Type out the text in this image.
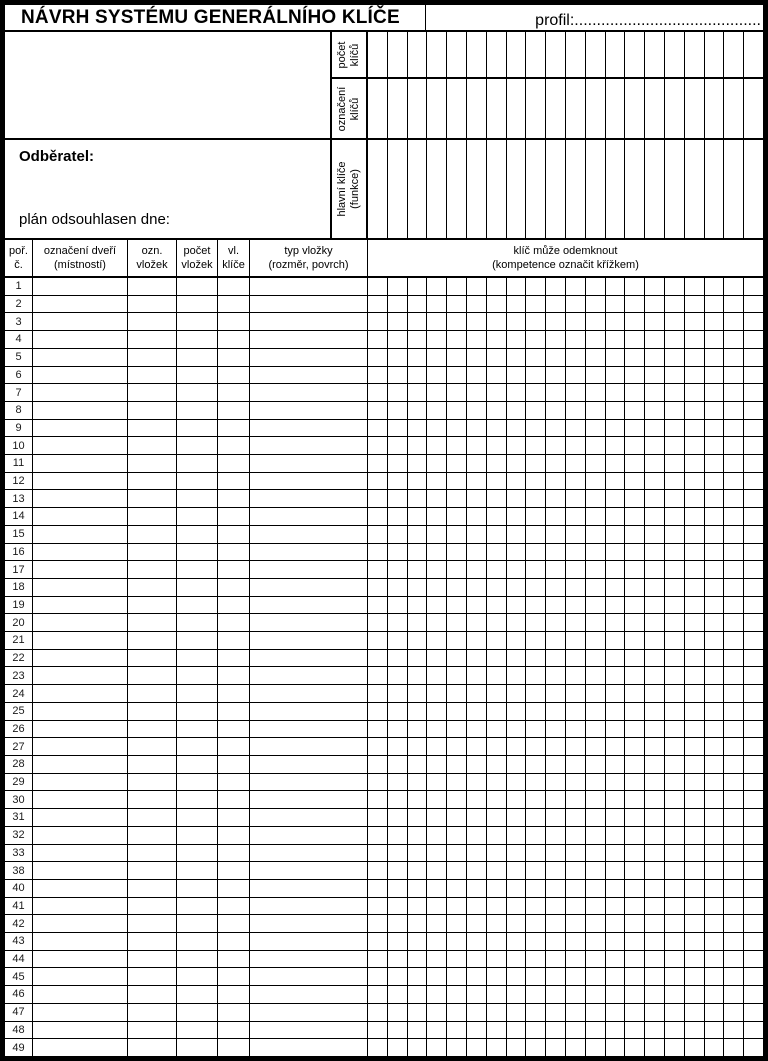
NÁVRH SYSTÉMU GENERÁLNÍHO KLÍČE	profil:..........................................
Odběratel:
plán odsouhlasen dne:
počet klíčů
označení klíčů
hlavní klíče (funkce)
poř.
č.
označení dveří
(místností)
ozn.
vložek
počet
vložek
vl.
klíče
typ vložky
(rozměr, povrch)
klíč může odemknout
(kompetence označit křížkem)
1
2
3
4
5
6
7
8
9
10
11
12
13
14
15
16
17
18
19
20
21
22
23
24
25
26
27
28
29
30
31
32
33
38
40
41
42
43
44
45
46
47
48
49
